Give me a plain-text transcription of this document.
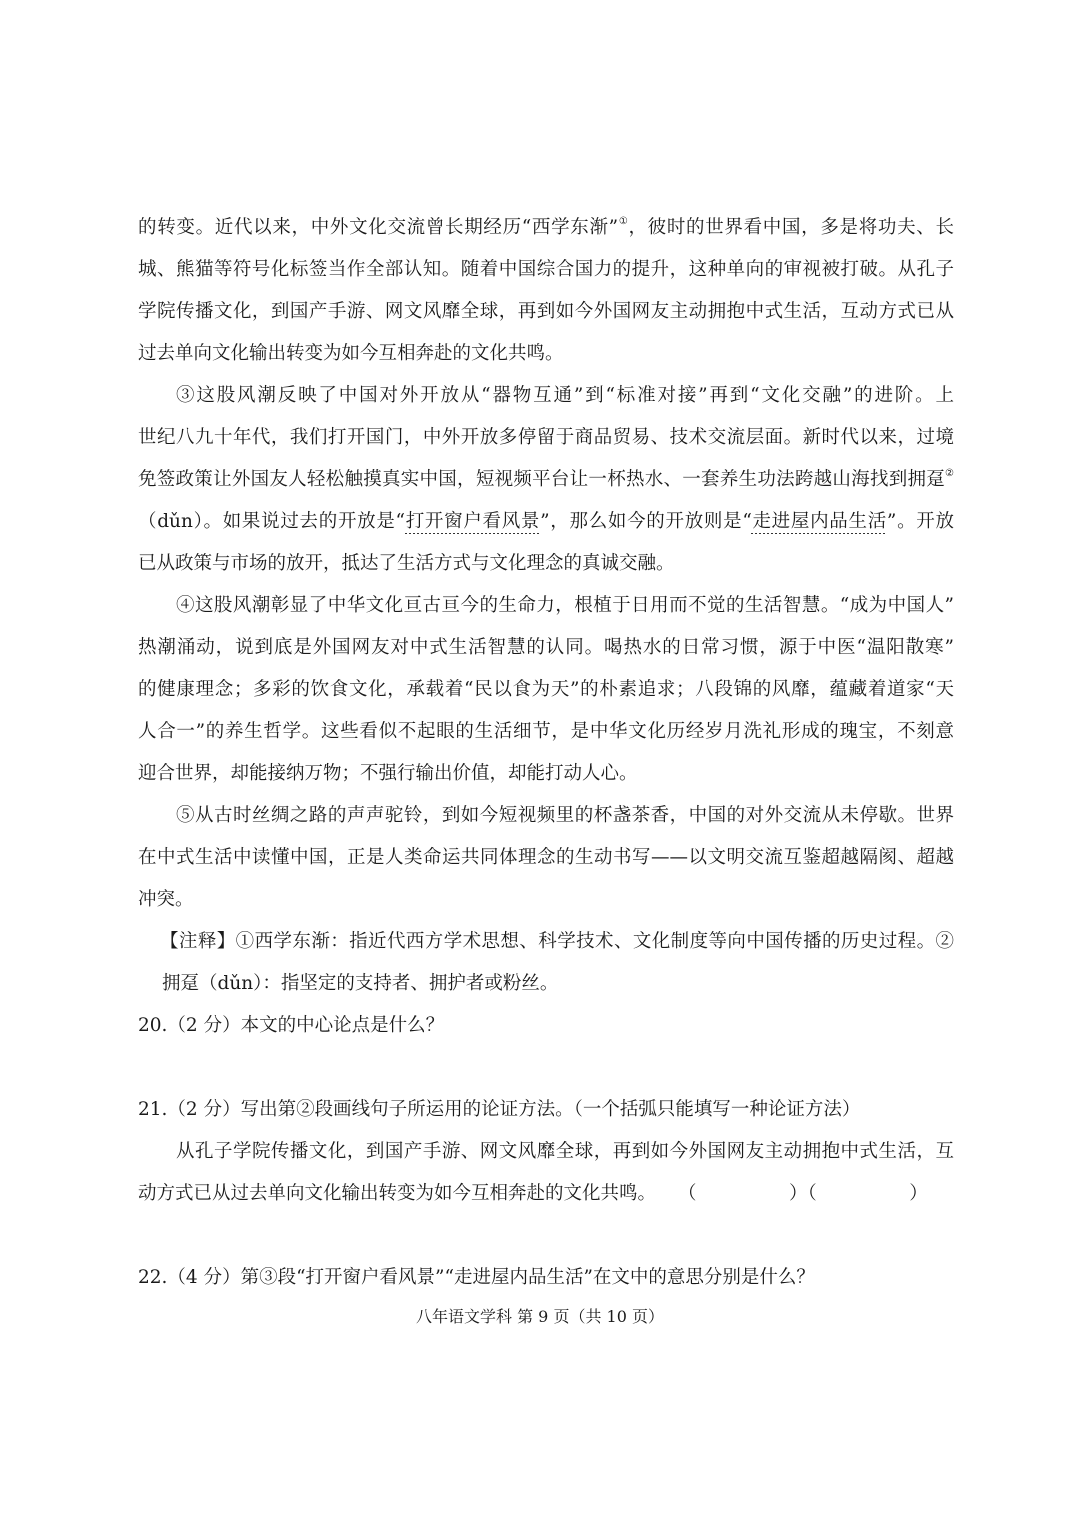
的转变。近代以来，中外文化交流曾长期经历“西学东渐”①，彼时的世界看中国，多是将功夫、长
城、熊猫等符号化标签当作全部认知。随着中国综合国力的提升，这种单向的审视被打破。从孔子
学院传播文化，到国产手游、网文风靡全球，再到如今外国网友主动拥抱中式生活，互动方式已从
过去单向文化输出转变为如今互相奔赴的文化共鸣。
③这股风潮反映了中国对外开放从“器物互通”到“标准对接”再到“文化交融”的进阶。上
世纪八九十年代，我们打开国门，中外开放多停留于商品贸易、技术交流层面。新时代以来，过境
免签政策让外国友人轻松触摸真实中国，短视频平台让一杯热水、一套养生功法跨越山海找到拥趸②
（dǔn）。如果说过去的开放是“打开窗户看风景”，那么如今的开放则是“走进屋内品生活”。开放
已从政策与市场的放开，抵达了生活方式与文化理念的真诚交融。
④这股风潮彰显了中华文化亘古亘今的生命力，根植于日用而不觉的生活智慧。“成为中国人”
热潮涌动，说到底是外国网友对中式生活智慧的认同。喝热水的日常习惯，源于中医“温阳散寒”
的健康理念；多彩的饮食文化，承载着“民以食为天”的朴素追求；八段锦的风靡，蕴藏着道家“天
人合一”的养生哲学。这些看似不起眼的生活细节，是中华文化历经岁月洗礼形成的瑰宝，不刻意
迎合世界，却能接纳万物；不强行输出价值，却能打动人心。
⑤从古时丝绸之路的声声驼铃，到如今短视频里的杯盏茶香，中国的对外交流从未停歇。世界
在中式生活中读懂中国，正是人类命运共同体理念的生动书写——以文明交流互鉴超越隔阂、超越
冲突。
【注释】①西学东渐：指近代西方学术思想、科学技术、文化制度等向中国传播的历史过程。②
拥趸（dǔn）：指坚定的支持者、拥护者或粉丝。
20.（2 分）本文的中心论点是什么？
21.（2 分）写出第②段画线句子所运用的论证方法。（一个括弧只能填写一种论证方法）
从孔子学院传播文化，到国产手游、网文风靡全球，再到如今外国网友主动拥抱中式生活，互
动方式已从过去单向文化输出转变为如今互相奔赴的文化共鸣。 （　　　　　）（　　　　　）
22.（4 分）第③段“打开窗户看风景”“走进屋内品生活”在文中的意思分别是什么？
八年语文学科 第 9 页（共 10 页）
